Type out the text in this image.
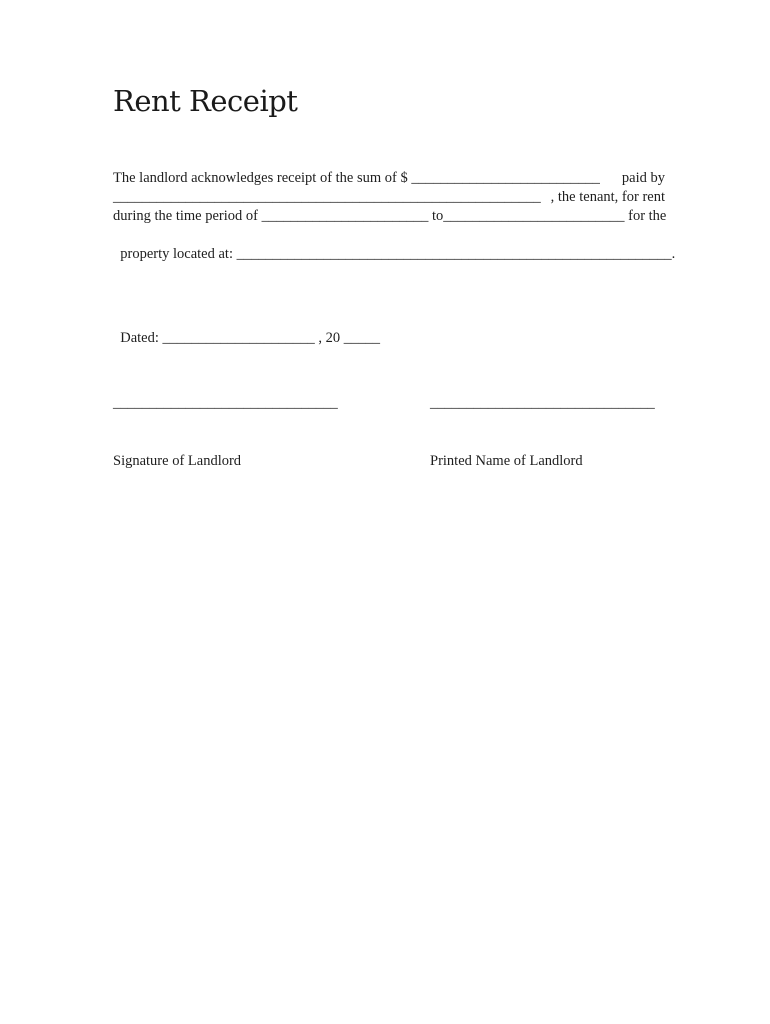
Rent Receipt
The landlord acknowledges receipt of the sum of $ __________________________ paid by
___________________________________________________________ , the tenant, for rent
during the time period of _______________________ to _________________________ for the

property located at: ____________________________________________________________.

Dated: _____________________ , 20 _____

_______________________________

Signature of Landlord

_______________________________

Printed Name of Landlord
